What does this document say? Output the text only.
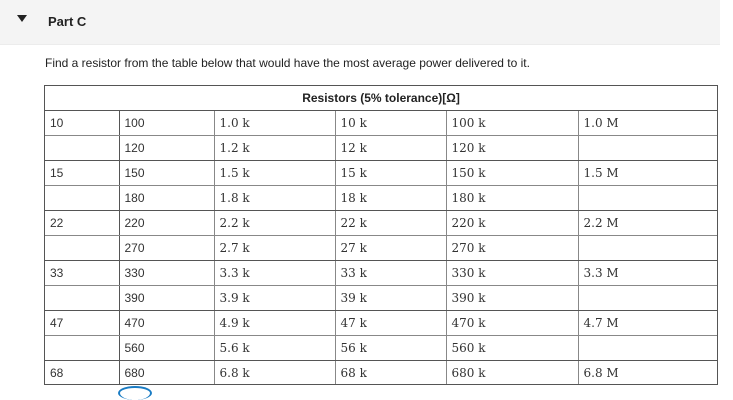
Part C
Find a resistor from the table below that would have the most average power delivered to it.
Resistors (5% tolerance)[Ω]					
10	100	1.0 k	10 k	100 k	1.0 M
	120	1.2 k	12 k	120 k	
15	150	1.5 k	15 k	150 k	1.5 M
	180	1.8 k	18 k	180 k	
22	220	2.2 k	22 k	220 k	2.2 M
	270	2.7 k	27 k	270 k	
33	330	3.3 k	33 k	330 k	3.3 M
	390	3.9 k	39 k	390 k	
47	470	4.9 k	47 k	470 k	4.7 M
	560	5.6 k	56 k	560 k	
68	680	6.8 k	68 k	680 k	6.8 M
